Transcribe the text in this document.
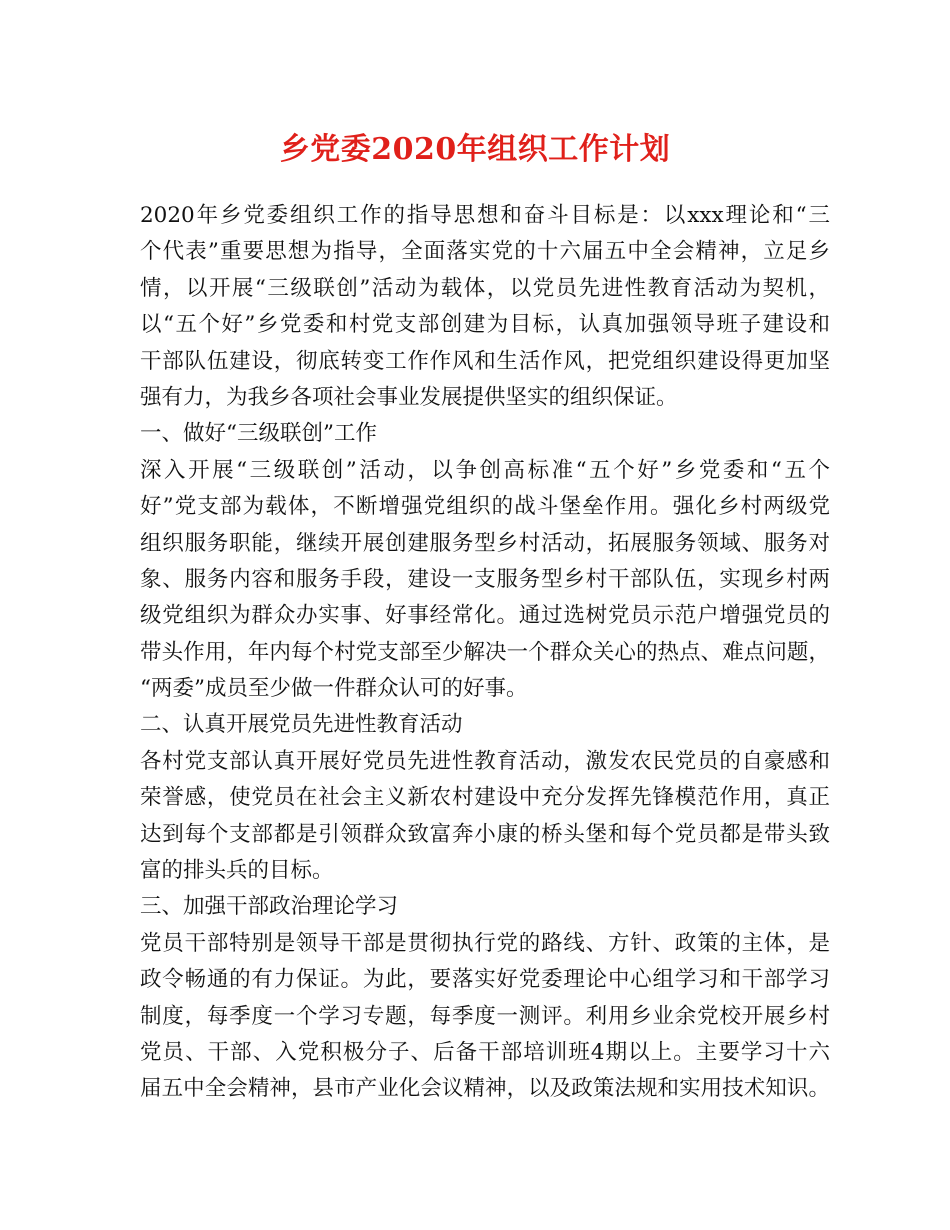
乡党委2020年组织工作计划
2020年乡党委组织工作的指导思想和奋斗目标是：以xxx理论和“三
个代表”重要思想为指导，全面落实党的十六届五中全会精神，立足乡
情，以开展“三级联创”活动为载体，以党员先进性教育活动为契机，
以“五个好”乡党委和村党支部创建为目标，认真加强领导班子建设和
干部队伍建设，彻底转变工作作风和生活作风，把党组织建设得更加坚
强有力，为我乡各项社会事业发展提供坚实的组织保证。
一、做好“三级联创”工作
深入开展“三级联创”活动，以争创高标准“五个好”乡党委和“五个
好”党支部为载体，不断增强党组织的战斗堡垒作用。强化乡村两级党
组织服务职能，继续开展创建服务型乡村活动，拓展服务领域、服务对
象、服务内容和服务手段，建设一支服务型乡村干部队伍，实现乡村两
级党组织为群众办实事、好事经常化。通过选树党员示范户增强党员的
带头作用，年内每个村党支部至少解决一个群众关心的热点、难点问题，
“两委”成员至少做一件群众认可的好事。
二、认真开展党员先进性教育活动
各村党支部认真开展好党员先进性教育活动，激发农民党员的自豪感和
荣誉感，使党员在社会主义新农村建设中充分发挥先锋模范作用，真正
达到每个支部都是引领群众致富奔小康的桥头堡和每个党员都是带头致
富的排头兵的目标。
三、加强干部政治理论学习
党员干部特别是领导干部是贯彻执行党的路线、方针、政策的主体，是
政令畅通的有力保证。为此，要落实好党委理论中心组学习和干部学习
制度，每季度一个学习专题，每季度一测评。利用乡业余党校开展乡村
党员、干部、入党积极分子、后备干部培训班4期以上。主要学习十六
届五中全会精神，县市产业化会议精神，以及政策法规和实用技术知识。
